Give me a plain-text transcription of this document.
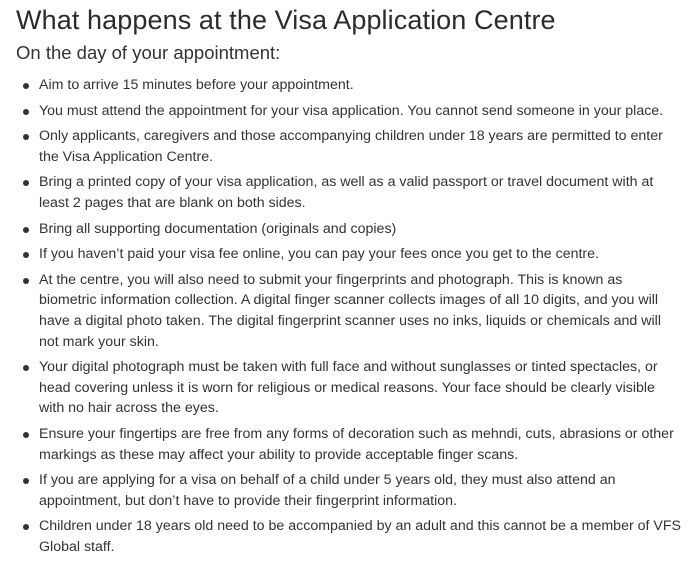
What happens at the Visa Application Centre
On the day of your appointment:
Aim to arrive 15 minutes before your appointment.
You must attend the appointment for your visa application. You cannot send someone in your place.
Only applicants, caregivers and those accompanying children under 18 years are permitted to enter the Visa Application Centre.
Bring a printed copy of your visa application, as well as a valid passport or travel document with at least 2 pages that are blank on both sides.
Bring all supporting documentation (originals and copies)
If you haven’t paid your visa fee online, you can pay your fees once you get to the centre.
At the centre, you will also need to submit your fingerprints and photograph. This is known as biometric information collection. A digital finger scanner collects images of all 10 digits, and you will have a digital photo taken. The digital fingerprint scanner uses no inks, liquids or chemicals and will not mark your skin.
Your digital photograph must be taken with full face and without sunglasses or tinted spectacles, or head covering unless it is worn for religious or medical reasons. Your face should be clearly visible with no hair across the eyes.
Ensure your fingertips are free from any forms of decoration such as mehndi, cuts, abrasions or other markings as these may affect your ability to provide acceptable finger scans.
If you are applying for a visa on behalf of a child under 5 years old, they must also attend an appointment, but don’t have to provide their fingerprint information.
Children under 18 years old need to be accompanied by an adult and this cannot be a member of VFS Global staff.
